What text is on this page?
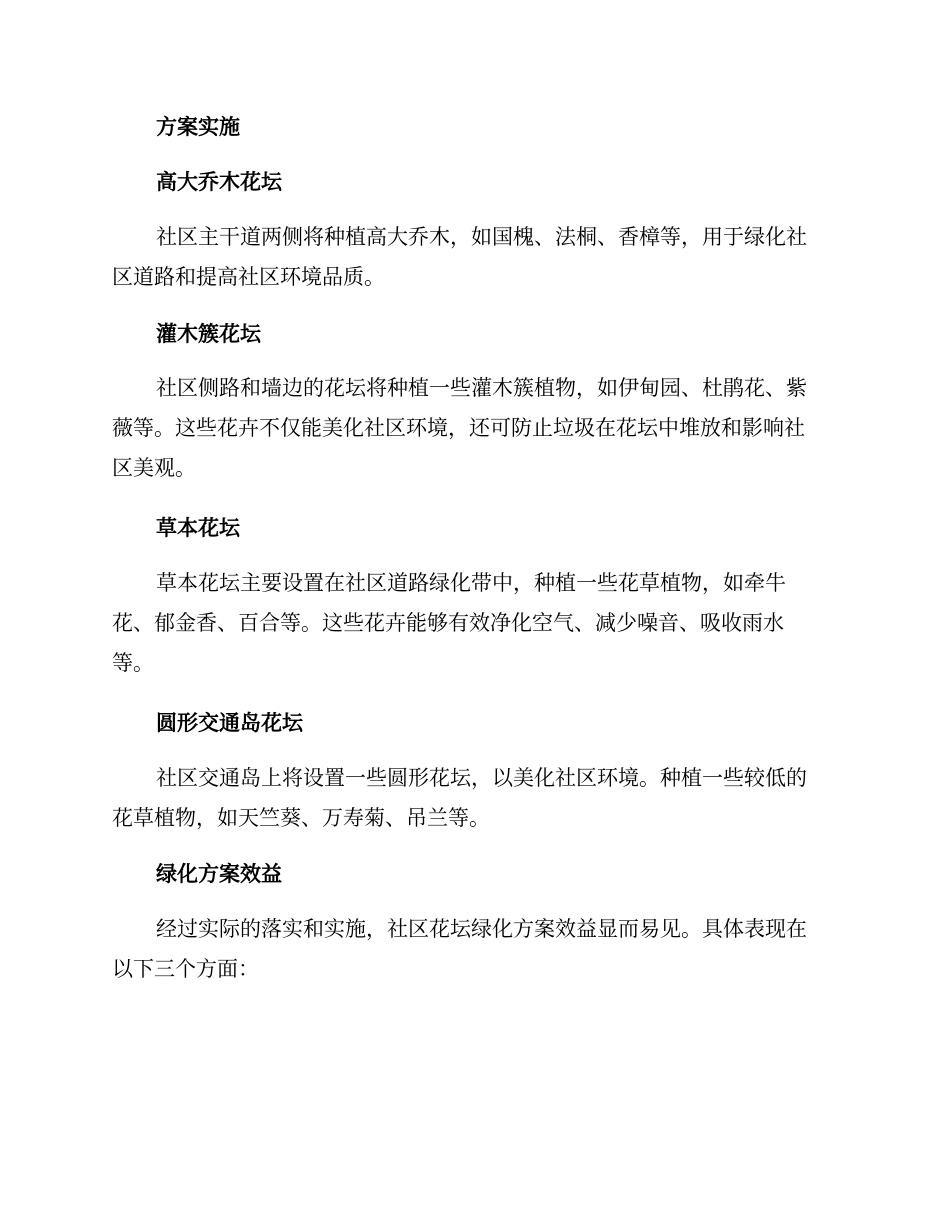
方案实施
高大乔木花坛
社区主干道两侧将种植高大乔木，如国槐、法桐、香樟等，用于绿化社
区道路和提高社区环境品质。
灌木簇花坛
社区侧路和墙边的花坛将种植一些灌木簇植物，如伊甸园、杜鹃花、紫
薇等。这些花卉不仅能美化社区环境，还可防止垃圾在花坛中堆放和影响社
区美观。
草本花坛
草本花坛主要设置在社区道路绿化带中，种植一些花草植物，如牵牛
花、郁金香、百合等。这些花卉能够有效净化空气、减少噪音、吸收雨水
等。
圆形交通岛花坛
社区交通岛上将设置一些圆形花坛，以美化社区环境。种植一些较低的
花草植物，如天竺葵、万寿菊、吊兰等。
绿化方案效益
经过实际的落实和实施，社区花坛绿化方案效益显而易见。具体表现在
以下三个方面：
